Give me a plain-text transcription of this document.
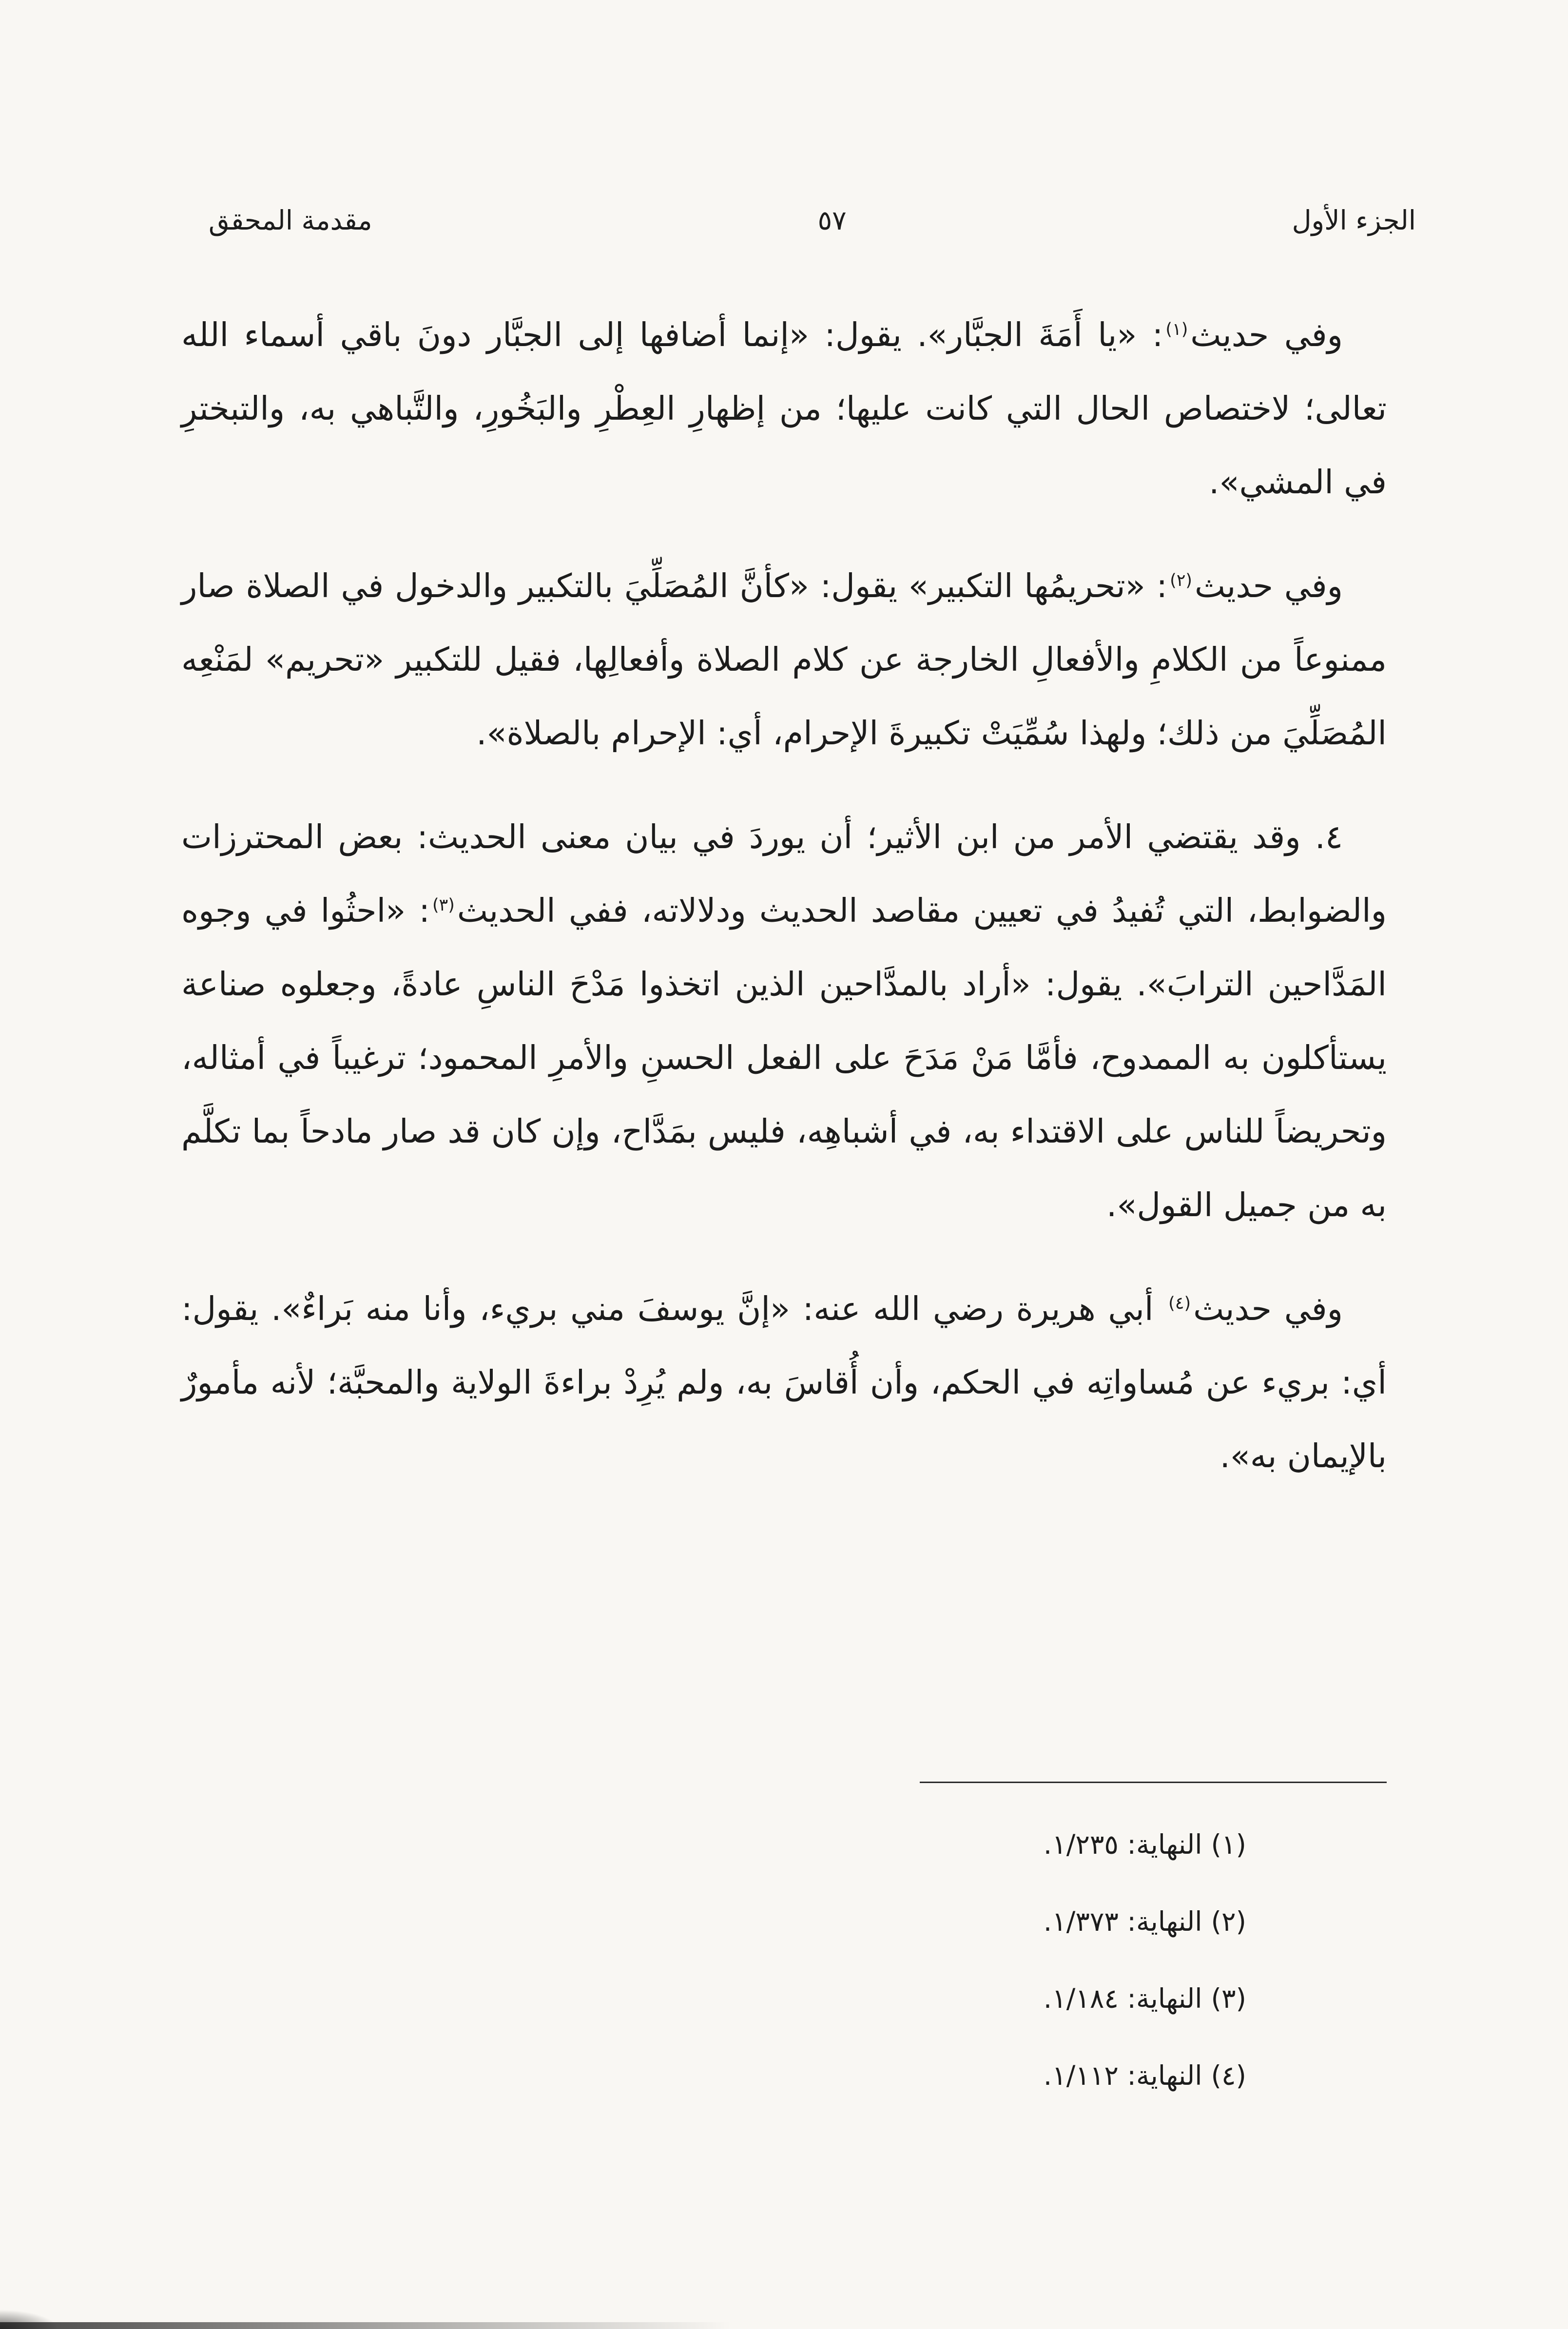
الجزء الأول
٥٧
مقدمة المحقق

وفي حديث$^{(١)}$: «يا أَمَةَ الجبَّار». يقول: «إنما أضافها إلى الجبَّار دونَ باقي أسماء الله تعالى؛ لاختصاص الحال التي كانت عليها؛ من إظهارِ العِطْرِ والبَخُورِ، والتَّباهي به، والتبخترِ في المشي».

وفي حديث$^{(٢)}$: «تحريمُها التكبير» يقول: «كأنَّ المُصَلِّيَ بالتكبير والدخول في الصلاة صار ممنوعاً من الكلامِ والأفعالِ الخارجة عن كلام الصلاة وأفعالِها، فقيل للتكبير «تحريم» لمَنْعِه المُصَلِّيَ من ذلك؛ ولهذا سُمِّيَتْ تكبيرةَ الإحرام، أي: الإحرام بالصلاة».

٤. وقد يقتضي الأمر من ابن الأثير؛ أن يوردَ في بيان معنى الحديث: بعض المحترزات والضوابط، التي تُفيدُ في تعيين مقاصد الحديث ودلالاته، ففي الحديث$^{(٣)}$: «احثُوا في وجوه المَدَّاحين الترابَ». يقول: «أراد بالمدَّاحين الذين اتخذوا مَدْحَ الناسِ عادةً، وجعلوه صناعة يستأكلون به الممدوح، فأمَّا مَنْ مَدَحَ على الفعل الحسنِ والأمرِ المحمود؛ ترغيباً في أمثاله، وتحريضاً للناس على الاقتداء به، في أشباهِه، فليس بمَدَّاح، وإن كان قد صار مادحاً بما تكلَّم به من جميل القول».

وفي حديث$^{(٤)}$ أبي هريرة رضي الله عنه: «إنَّ يوسفَ مني بريء، وأنا منه بَراءٌ». يقول: أي: بريء عن مُساواتِه في الحكم، وأن أُقاسَ به، ولم يُرِدْ براءةَ الولاية والمحبَّة؛ لأنه مأمورٌ بالإيمان به».

(١)النهاية: ١/٢٣٥.
(٢)النهاية: ١/٣٧٣.
(٣)النهاية: ١/١٨٤.
(٤)النهاية: ١/١١٢.
